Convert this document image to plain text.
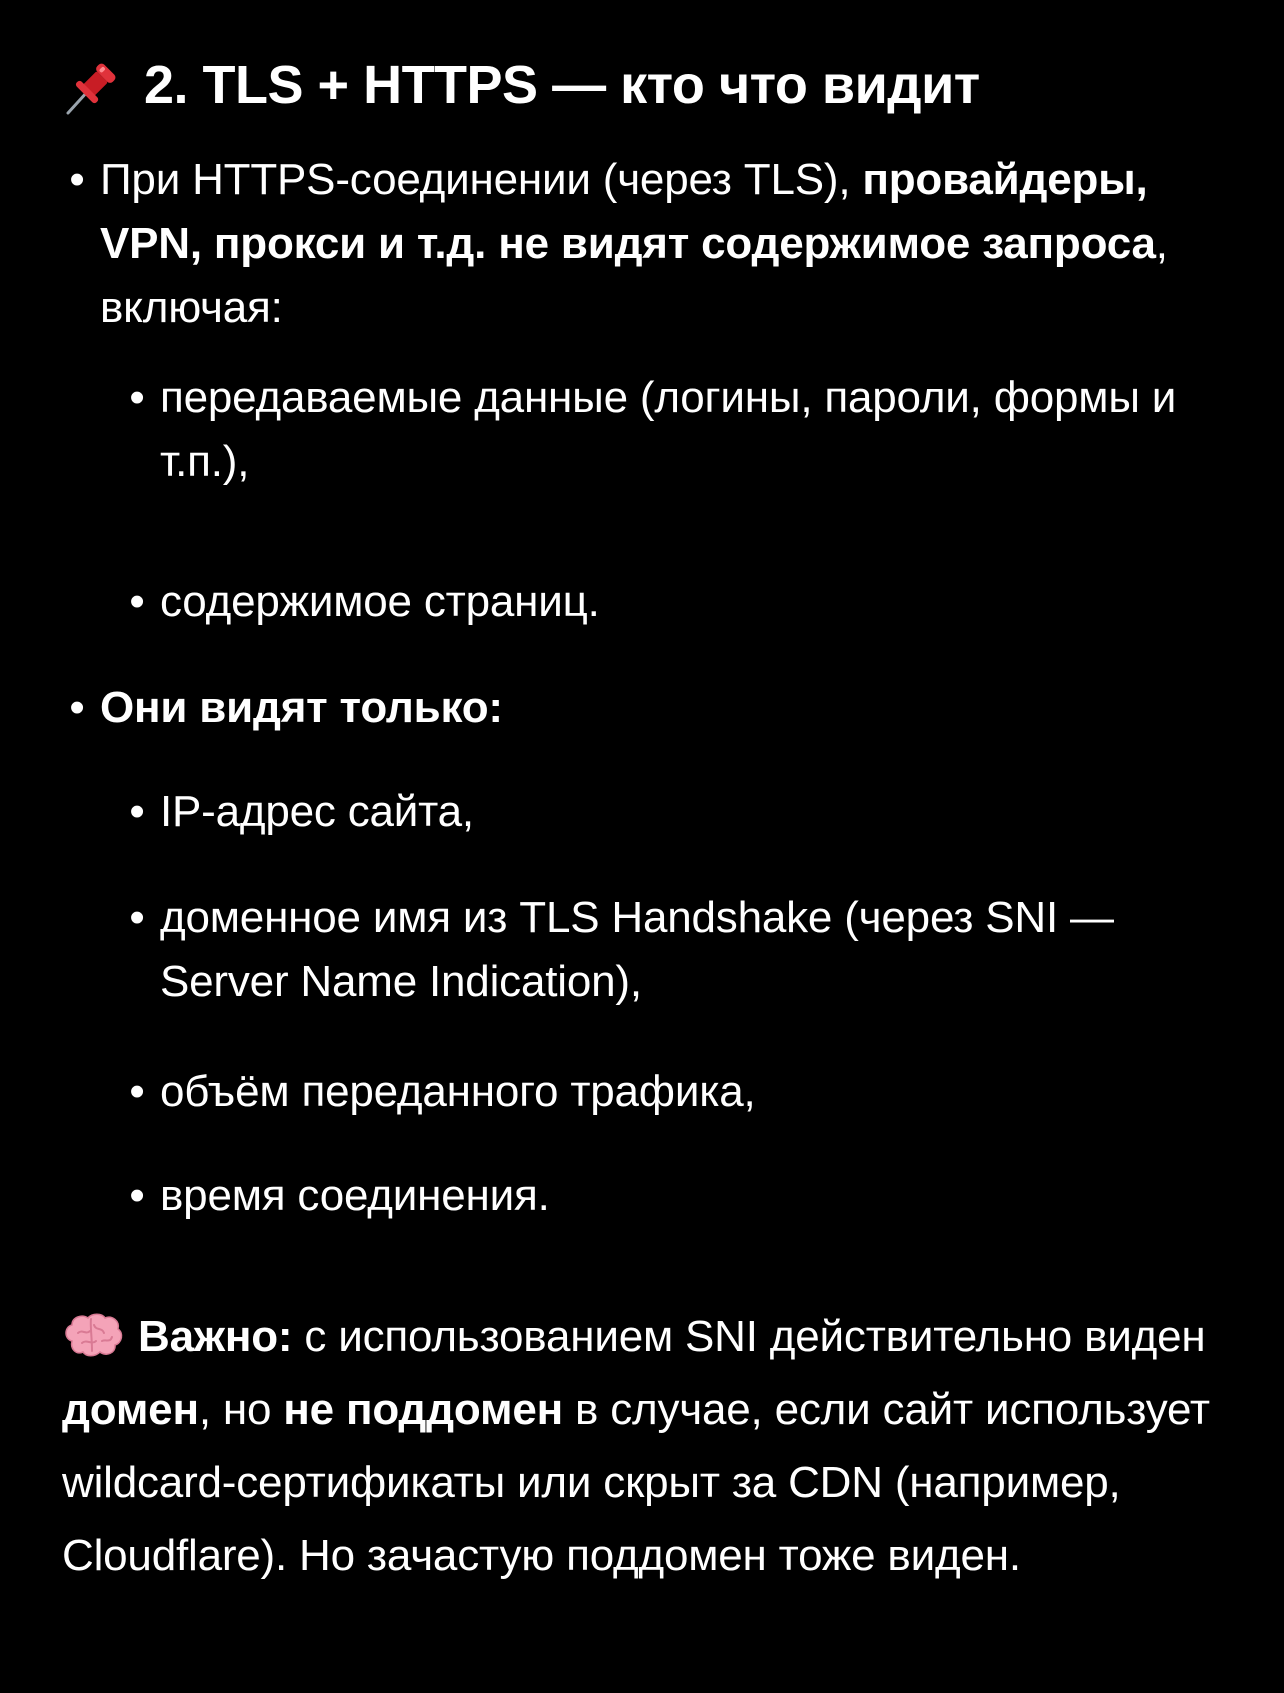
2. TLS + HTTPS — кто что видит
• При HTTPS-соединении (через TLS), провайдеры, VPN, прокси и т.д. не видят содержимое запроса, включая:
• передаваемые данные (логины, пароли, формы и т.п.),
• содержимое страниц.
• Они видят только:
• IP-адрес сайта,
• доменное имя из TLS Handshake (через SNI — Server Name Indication),
• объём переданного трафика,
• время соединения.
Важно: с использованием SNI действительно виден домен, но не поддомен в случае, если сайт использует wildcard-сертификаты или скрыт за CDN (например, Cloudflare). Но зачастую поддомен тоже виден.
